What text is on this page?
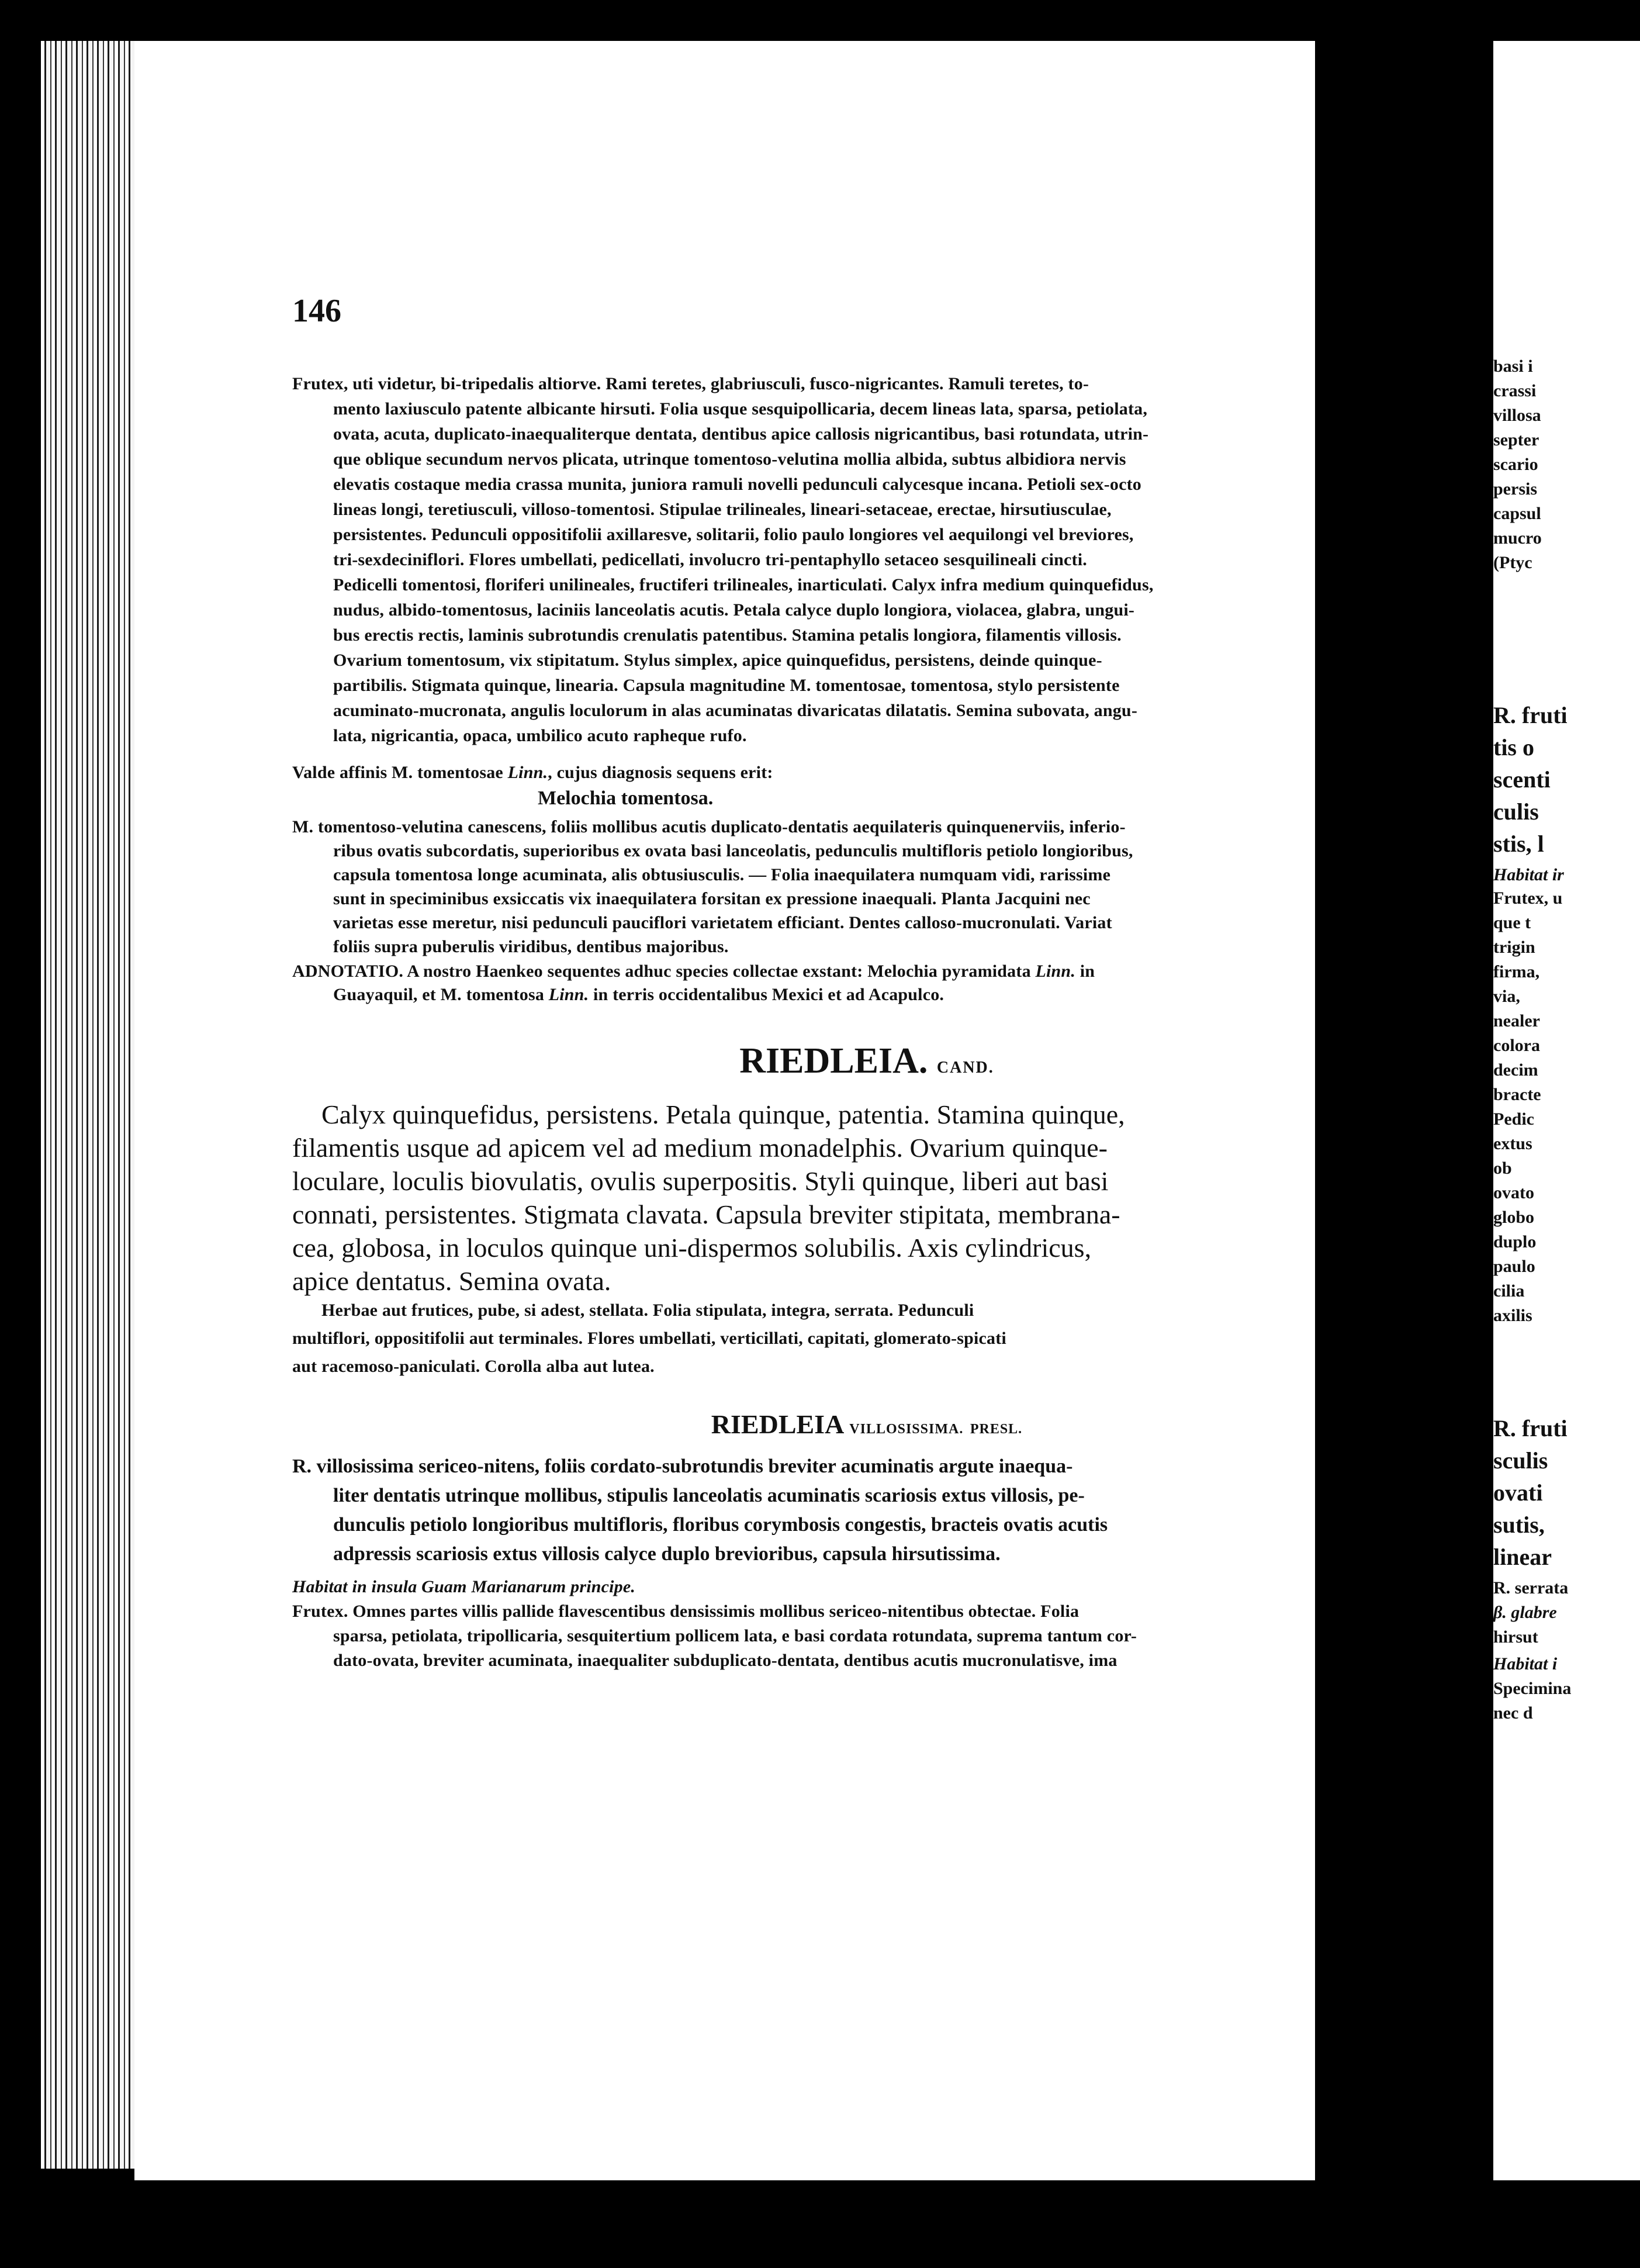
basi i
crassi
villosa
septer
scario
persis
capsul
mucro
(Ptyc
R. fruti
tis o
scenti
culis
stis, l
Habitat ir
Frutex, u
que t
trigin
firma,
via,
nealer
colora
decim
bracte
Pedic
extus
ob
ovato
globo
duplo
paulo
cilia
axilis
R. fruti
sculis
ovati
sutis,
linear
R. serrata
β. glabre
hirsut
Habitat i
Specimina
nec d
146
Frutex, uti videtur, bi-tripedalis altiorve. Rami teretes, glabriusculi, fusco-nigricantes. Ramuli teretes, to-
mento laxiusculo patente albicante hirsuti. Folia usque sesquipollicaria, decem lineas lata, sparsa, petiolata,
ovata, acuta, duplicato-inaequaliterque dentata, dentibus apice callosis nigricantibus, basi rotundata, utrin-
que oblique secundum nervos plicata, utrinque tomentoso-velutina mollia albida, subtus albidiora nervis
elevatis costaque media crassa munita, juniora ramuli novelli pedunculi calycesque incana. Petioli sex-octo
lineas longi, teretiusculi, villoso-tomentosi. Stipulae trilineales, lineari-setaceae, erectae, hirsutiusculae,
persistentes. Pedunculi oppositifolii axillaresve, solitarii, folio paulo longiores vel aequilongi vel breviores,
tri-sexdeciniflori. Flores umbellati, pedicellati, involucro tri-pentaphyllo setaceo sesquilineali cincti.
Pedicelli tomentosi, floriferi unilineales, fructiferi trilineales, inarticulati. Calyx infra medium quinquefidus,
nudus, albido-tomentosus, laciniis lanceolatis acutis. Petala calyce duplo longiora, violacea, glabra, ungui-
bus erectis rectis, laminis subrotundis crenulatis patentibus. Stamina petalis longiora, filamentis villosis.
Ovarium tomentosum, vix stipitatum. Stylus simplex, apice quinquefidus, persistens, deinde quinque-
partibilis. Stigmata quinque, linearia. Capsula magnitudine M. tomentosae, tomentosa, stylo persistente
acuminato-mucronata, angulis loculorum in alas acuminatas divaricatas dilatatis. Semina subovata, angu-
lata, nigricantia, opaca, umbilico acuto rapheque rufo.
Valde affinis M. tomentosae Linn., cujus diagnosis sequens erit:
Melochia tomentosa.
M. tomentoso-velutina canescens, foliis mollibus acutis duplicato-dentatis aequilateris quinquenerviis, inferio-
ribus ovatis subcordatis, superioribus ex ovata basi lanceolatis, pedunculis multifloris petiolo longioribus,
capsula tomentosa longe acuminata, alis obtusiusculis. — Folia inaequilatera numquam vidi, rarissime
sunt in speciminibus exsiccatis vix inaequilatera forsitan ex pressione inaequali. Planta Jacquini nec
varietas esse meretur, nisi pedunculi pauciflori varietatem efficiant. Dentes calloso-mucronulati. Variat
foliis supra puberulis viridibus, dentibus majoribus.
ADNOTATIO. A nostro Haenkeo sequentes adhuc species collectae exstant: Melochia pyramidata Linn. in
Guayaquil, et M. tomentosa Linn. in terris occidentalibus Mexici et ad Acapulco.
RIEDLEIA. CAND.
Calyx quinquefidus, persistens. Petala quinque, patentia. Stamina quinque,
filamentis usque ad apicem vel ad medium monadelphis. Ovarium quinque-
loculare, loculis biovulatis, ovulis superpositis. Styli quinque, liberi aut basi
connati, persistentes. Stigmata clavata. Capsula breviter stipitata, membrana-
cea, globosa, in loculos quinque uni-dispermos solubilis. Axis cylindricus,
apice dentatus. Semina ovata.
Herbae aut frutices, pube, si adest, stellata. Folia stipulata, integra, serrata. Pedunculi
multiflori, oppositifolii aut terminales. Flores umbellati, verticillati, capitati, glomerato-spicati
aut racemoso-paniculati. Corolla alba aut lutea.
RIEDLEIA VILLOSISSIMA. PRESL.
R. villosissima sericeo-nitens, foliis cordato-subrotundis breviter acuminatis argute inaequa-
liter dentatis utrinque mollibus, stipulis lanceolatis acuminatis scariosis extus villosis, pe-
dunculis petiolo longioribus multifloris, floribus corymbosis congestis, bracteis ovatis acutis
adpressis scariosis extus villosis calyce duplo brevioribus, capsula hirsutissima.
Habitat in insula Guam Marianarum principe.
Frutex. Omnes partes villis pallide flavescentibus densissimis mollibus sericeo-nitentibus obtectae. Folia
sparsa, petiolata, tripollicaria, sesquitertium pollicem lata, e basi cordata rotundata, suprema tantum cor-
dato-ovata, breviter acuminata, inaequaliter subduplicato-dentata, dentibus acutis mucronulatisve, ima
